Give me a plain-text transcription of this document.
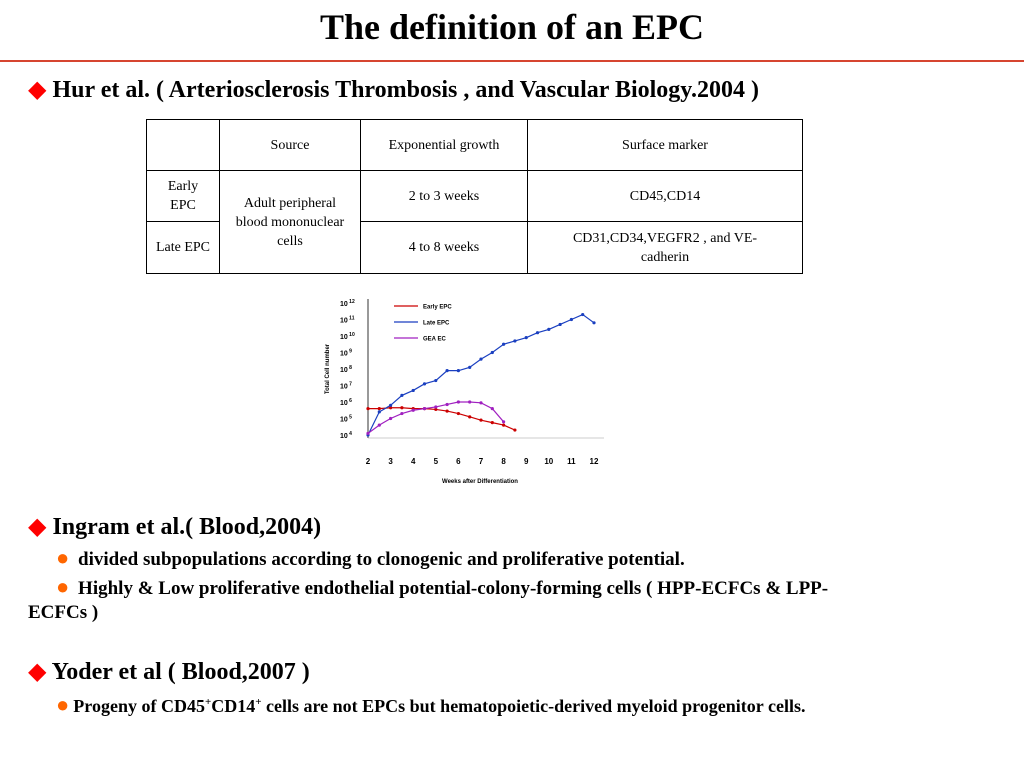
The definition of an EPC
◆ Hur et al. ( Arteriosclerosis Thrombosis , and Vascular Biology.2004 )
	Source	Exponential growth	Surface marker
Early EPC	Adult peripheral blood mononuclear cells	2 to 3 weeks	CD45,CD14
Late EPC		4 to 8 weeks	CD31,CD34,VEGFR2 , and VE-cadherin
10 $^4$
10 $^5$
10 $^6$
10 $^7$
10 $^8$
10 $^9$
10 $^{10}$
10 $^{11}$
10 $^{12}$
2 3 4 5 6 7 8 9 10 11 12
Weeks after Differentiation
Total Cell number
Early EPC
Late EPC
GEA EC
◆ Ingram et al.( Blood,2004)
● divided subpopulations according to clonogenic and proliferative potential.
● Highly & Low proliferative endothelial potential-colony-forming cells ( HPP-ECFCs & LPP-
ECFCs )
◆ Yoder et al ( Blood,2007 )
● Progeny of CD45+CD14+ cells are not EPCs but hematopoietic-derived myeloid progenitor cells.
